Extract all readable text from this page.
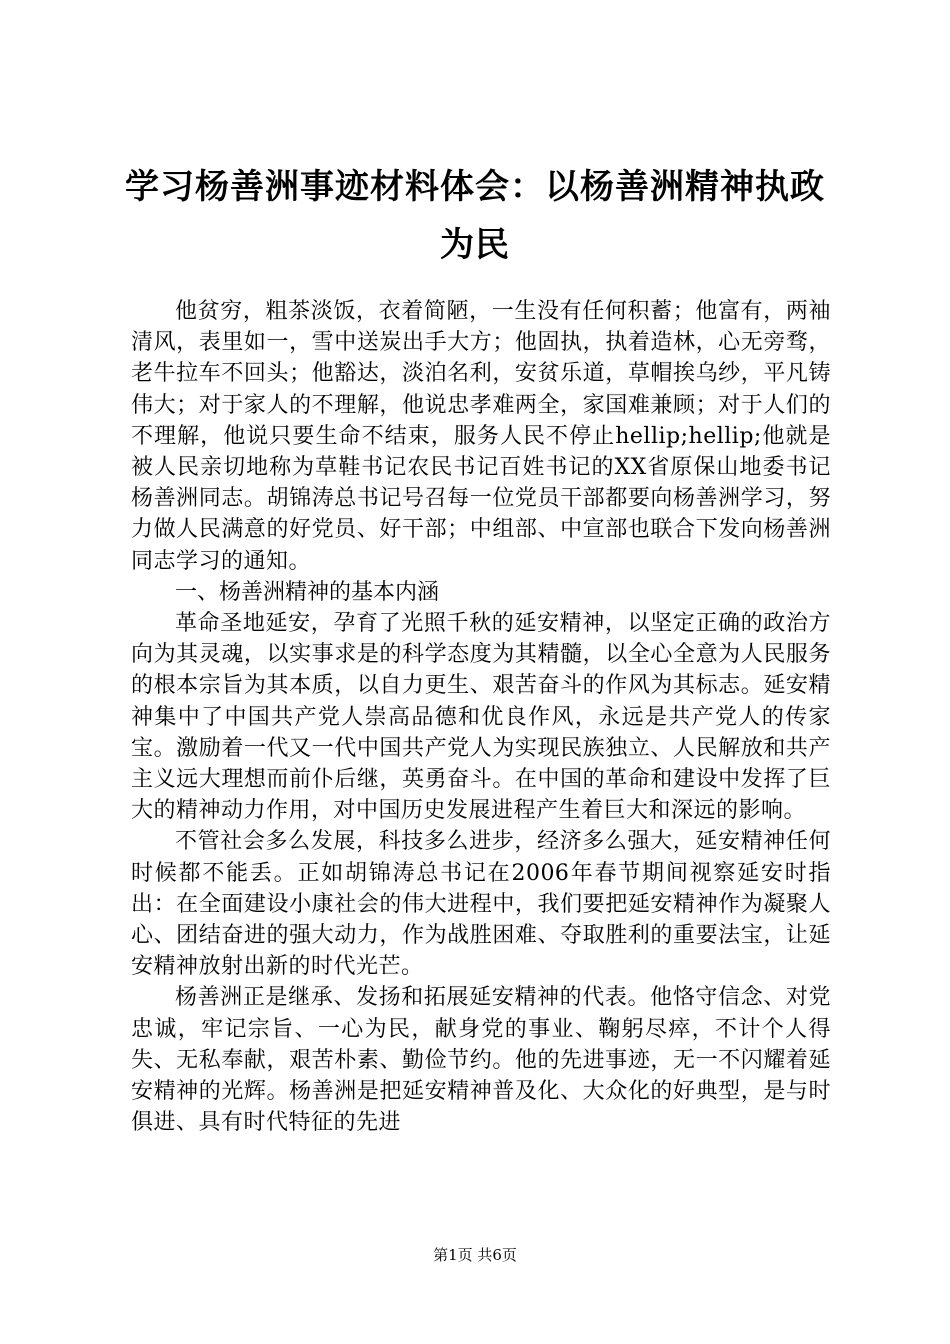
学习杨善洲事迹材料体会：以杨善洲精神执政为民

他贫穷，粗茶淡饭，衣着简陋，一生没有任何积蓄；他富有，两袖清风，表里如一，雪中送炭出手大方；他固执，执着造林，心无旁骛，老牛拉车不回头；他豁达，淡泊名利，安贫乐道，草帽挨乌纱，平凡铸伟大；对于家人的不理解，他说忠孝难两全，家国难兼顾；对于人们的不理解，他说只要生命不结束，服务人民不停止hellip;hellip;他就是被人民亲切地称为草鞋书记农民书记百姓书记的XX省原保山地委书记杨善洲同志。胡锦涛总书记号召每一位党员干部都要向杨善洲学习，努力做人民满意的好党员、好干部；中组部、中宣部也联合下发向杨善洲同志学习的通知。

一、杨善洲精神的基本内涵

革命圣地延安，孕育了光照千秋的延安精神，以坚定正确的政治方向为其灵魂，以实事求是的科学态度为其精髓，以全心全意为人民服务的根本宗旨为其本质，以自力更生、艰苦奋斗的作风为其标志。延安精神集中了中国共产党人崇高品德和优良作风，永远是共产党人的传家宝。激励着一代又一代中国共产党人为实现民族独立、人民解放和共产主义远大理想而前仆后继，英勇奋斗。在中国的革命和建设中发挥了巨大的精神动力作用，对中国历史发展进程产生着巨大和深远的影响。

不管社会多么发展，科技多么进步，经济多么强大，延安精神任何时候都不能丢。正如胡锦涛总书记在2006年春节期间视察延安时指出：在全面建设小康社会的伟大进程中，我们要把延安精神作为凝聚人心、团结奋进的强大动力，作为战胜困难、夺取胜利的重要法宝，让延安精神放射出新的时代光芒。

杨善洲正是继承、发扬和拓展延安精神的代表。他恪守信念、对党忠诚，牢记宗旨、一心为民，献身党的事业、鞠躬尽瘁，不计个人得失、无私奉献，艰苦朴素、勤俭节约。他的先进事迹，无一不闪耀着延安精神的光辉。杨善洲是把延安精神普及化、大众化的好典型，是与时俱进、具有时代特征的先进

第1页 共6页
